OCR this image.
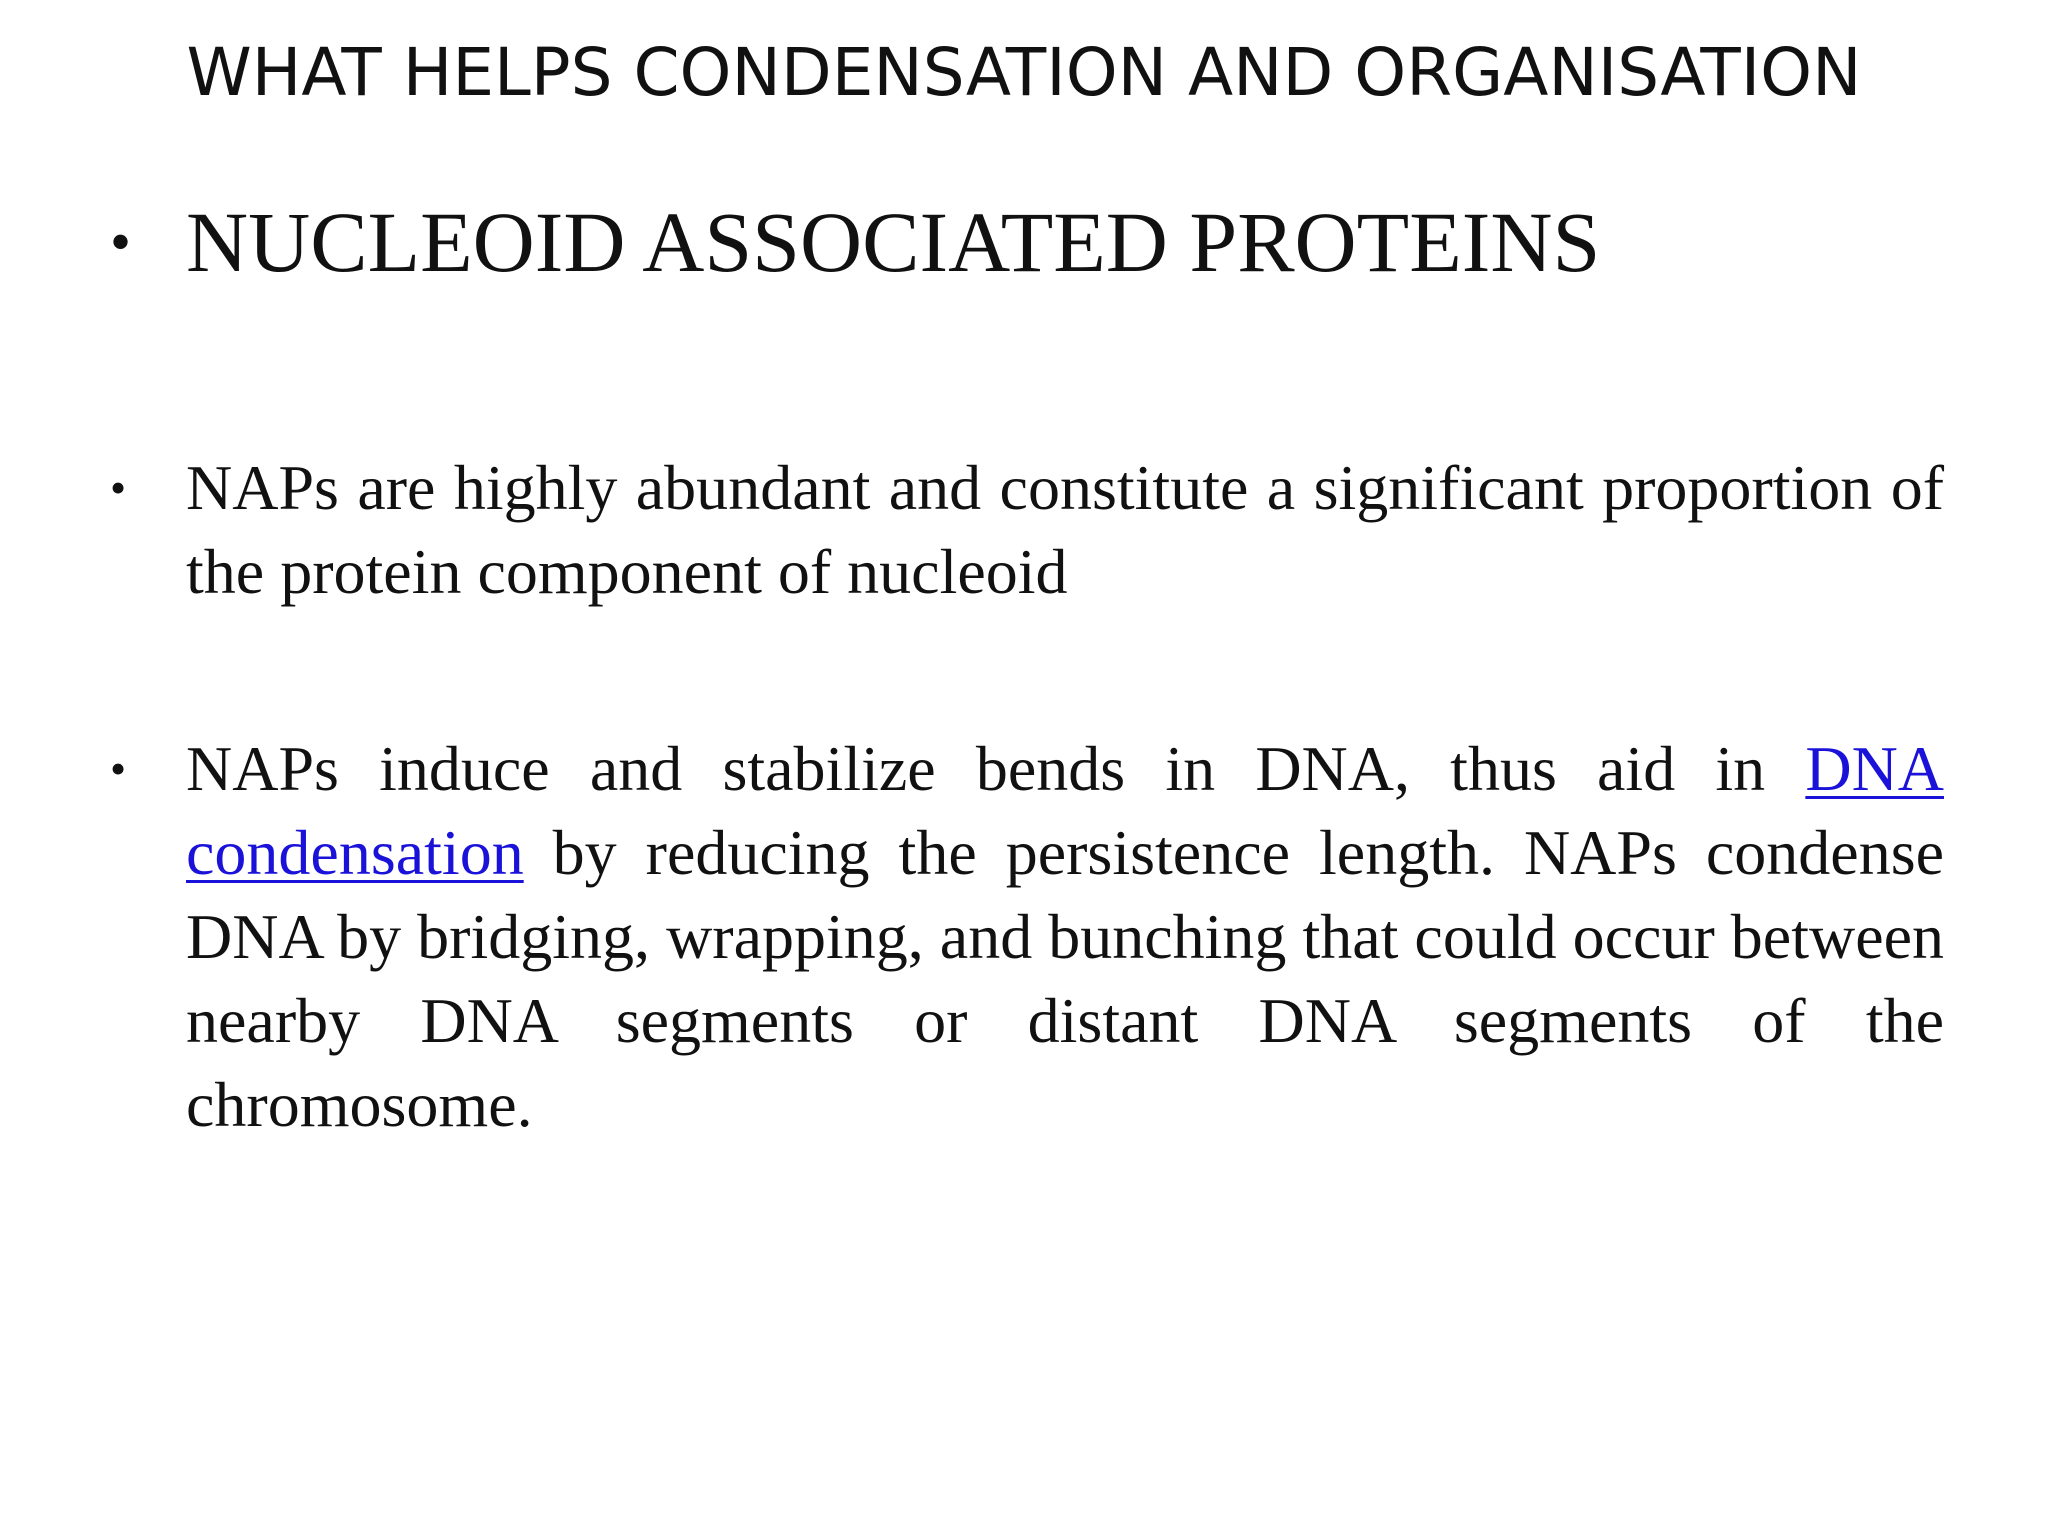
WHAT HELPS CONDENSATION AND ORGANISATION
• NUCLEOID ASSOCIATED PROTEINS
• NAPs are highly abundant and constitute a significant proportion of the protein component of nucleoid
• NAPs induce and stabilize bends in DNA, thus aid in DNA condensation by reducing the persistence length. NAPs condense DNA by bridging, wrapping, and bunching that could occur between nearby DNA segments or distant DNA segments of the chromosome.
